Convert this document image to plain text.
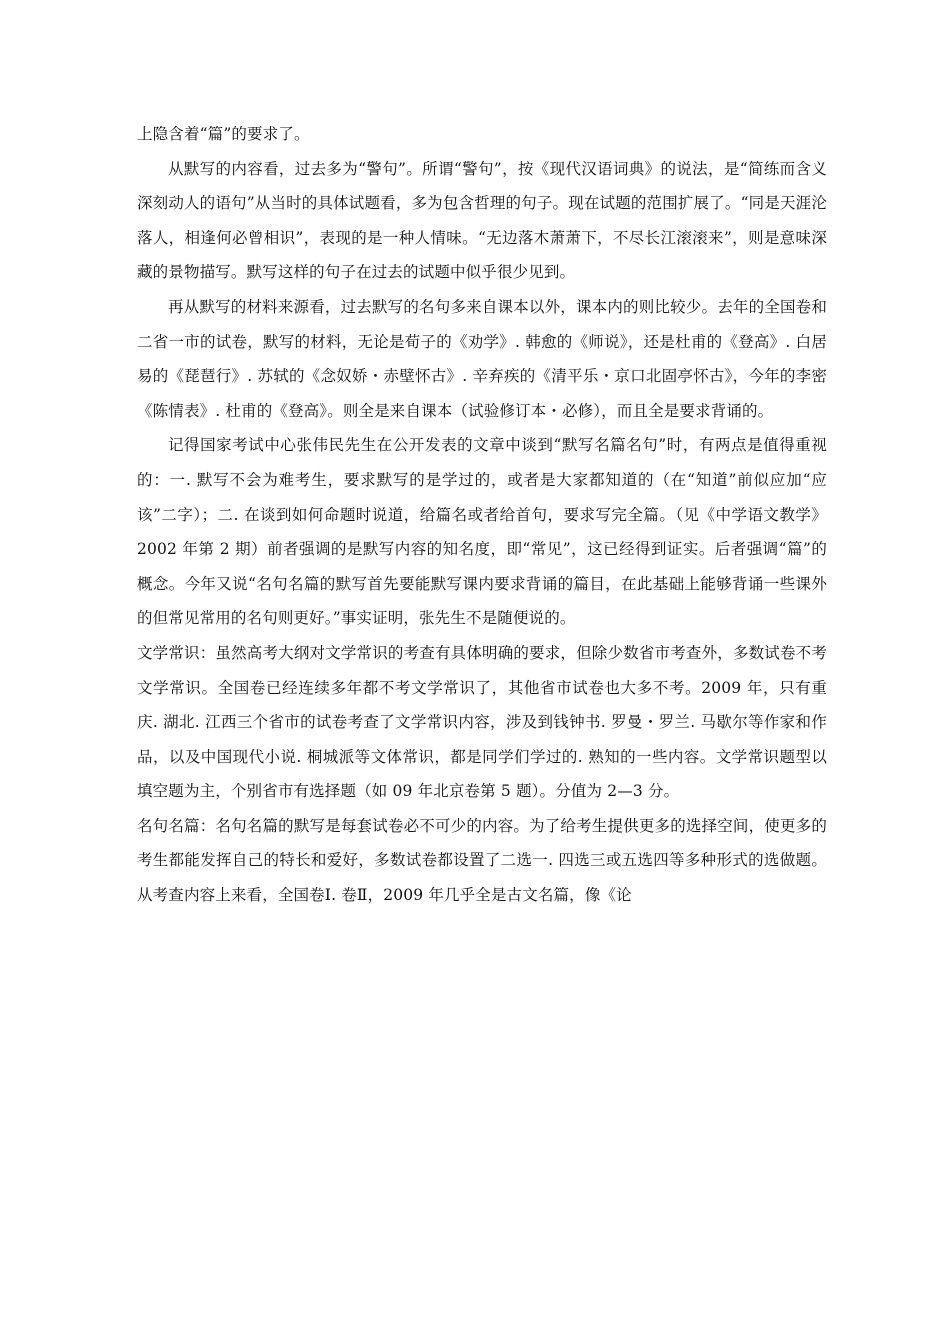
上隐含着“篇”的要求了。

从默写的内容看，过去多为“警句”。所谓“警句”，按《现代汉语词典》的说法，是“简练而含义深刻动人的语句”从当时的具体试题看，多为包含哲理的句子。现在试题的范围扩展了。“同是天涯沦落人，相逢何必曾相识”，表现的是一种人情味。“无边落木萧萧下，不尽长江滚滚来”，则是意味深藏的景物描写。默写这样的句子在过去的试题中似乎很少见到。

再从默写的材料来源看，过去默写的名句多来自课本以外，课本内的则比较少。去年的全国卷和二省一市的试卷，默写的材料，无论是荀子的《劝学》. 韩愈的《师说》，还是杜甫的《登高》. 白居易的《琵琶行》. 苏轼的《念奴娇・赤壁怀古》. 辛弃疾的《清平乐・京口北固亭怀古》，今年的李密《陈情表》. 杜甫的《登高》。则全是来自课本（试验修订本・必修），而且全是要求背诵的。

记得国家考试中心张伟民先生在公开发表的文章中谈到“默写名篇名句”时，有两点是值得重视的：一. 默写不会为难考生，要求默写的是学过的，或者是大家都知道的（在“知道”前似应加“应该”二字）；二. 在谈到如何命题时说道，给篇名或者给首句，要求写完全篇。（见《中学语文教学》2002 年第 2 期）前者强调的是默写内容的知名度，即“常见”，这已经得到证实。后者强调“篇”的概念。今年又说“名句名篇的默写首先要能默写课内要求背诵的篇目，在此基础上能够背诵一些课外的但常见常用的名句则更好。”事实证明，张先生不是随便说的。

文学常识：虽然高考大纲对文学常识的考查有具体明确的要求，但除少数省市考查外，多数试卷不考文学常识。全国卷已经连续多年都不考文学常识了，其他省市试卷也大多不考。2009 年，只有重庆. 湖北. 江西三个省市的试卷考查了文学常识内容，涉及到钱钟书. 罗曼・罗兰. 马歇尔等作家和作品，以及中国现代小说. 桐城派等文体常识，都是同学们学过的. 熟知的一些内容。文学常识题型以填空题为主，个别省市有选择题（如 09 年北京卷第 5 题）。分值为 2—3 分。

名句名篇：名句名篇的默写是每套试卷必不可少的内容。为了给考生提供更多的选择空间，使更多的考生都能发挥自己的特长和爱好，多数试卷都设置了二选一. 四选三或五选四等多种形式的选做题。从考查内容上来看，全国卷Ⅰ. 卷Ⅱ，2009 年几乎全是古文名篇，像《论
